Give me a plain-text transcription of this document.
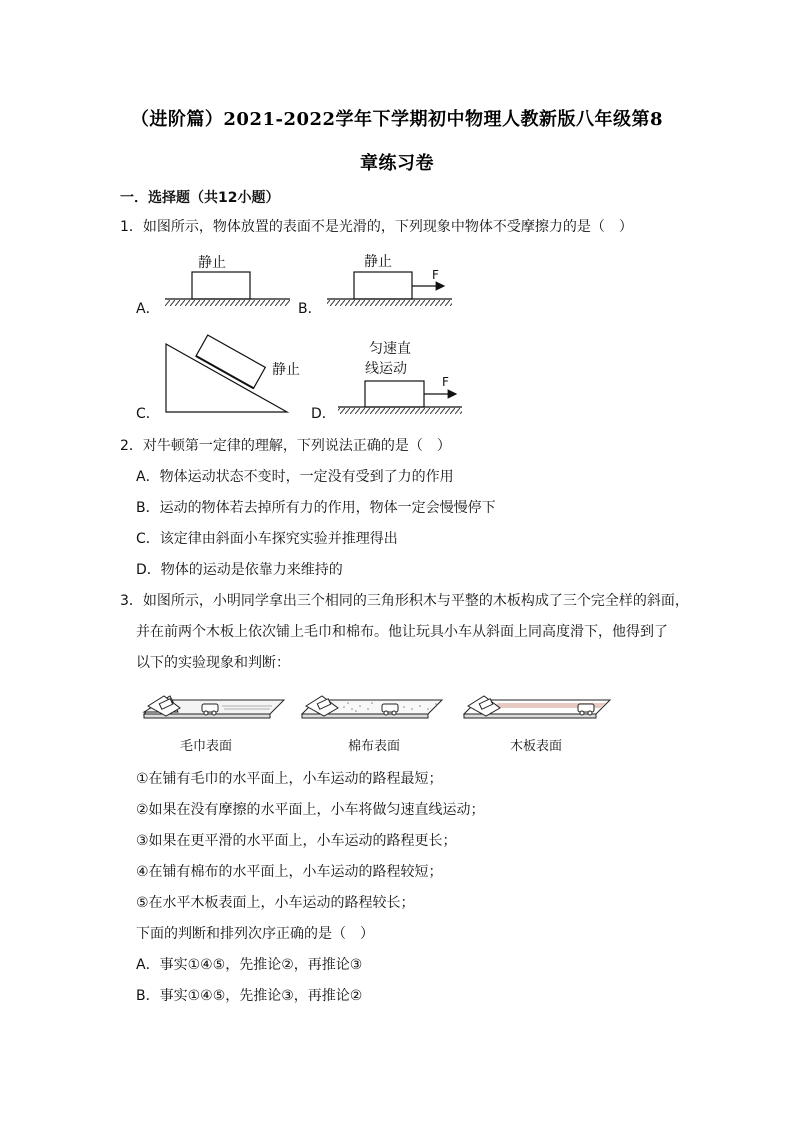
（进阶篇）2021-2022学年下学期初中物理人教新版八年级第8
章练习卷
一．选择题（共12小题）
1．如图所示，物体放置的表面不是光滑的，下列现象中物体不受摩擦力的是（　）
A．	B．
C．	D．
静止	静止
F
静止
匀速直
线运动
F
2．对牛顿第一定律的理解，下列说法正确的是（　）
A．物体运动状态不变时，一定没有受到了力的作用
B．运动的物体若去掉所有力的作用，物体一定会慢慢停下
C．该定律由斜面小车探究实验并推理得出
D．物体的运动是依靠力来维持的
3．如图所示，小明同学拿出三个相同的三角形积木与平整的木板构成了三个完全样的斜面，
并在前两个木板上依次铺上毛巾和棉布。他让玩具小车从斜面上同高度滑下，他得到了
以下的实验现象和判断：
毛巾表面	棉布表面	木板表面
①在铺有毛巾的水平面上，小车运动的路程最短；
②如果在没有摩擦的水平面上，小车将做匀速直线运动；
③如果在更平滑的水平面上，小车运动的路程更长；
④在铺有棉布的水平面上，小车运动的路程较短；
⑤在水平木板表面上，小车运动的路程较长；
下面的判断和排列次序正确的是（　）
A．事实①④⑤，先推论②，再推论③
B．事实①④⑤，先推论③，再推论②
